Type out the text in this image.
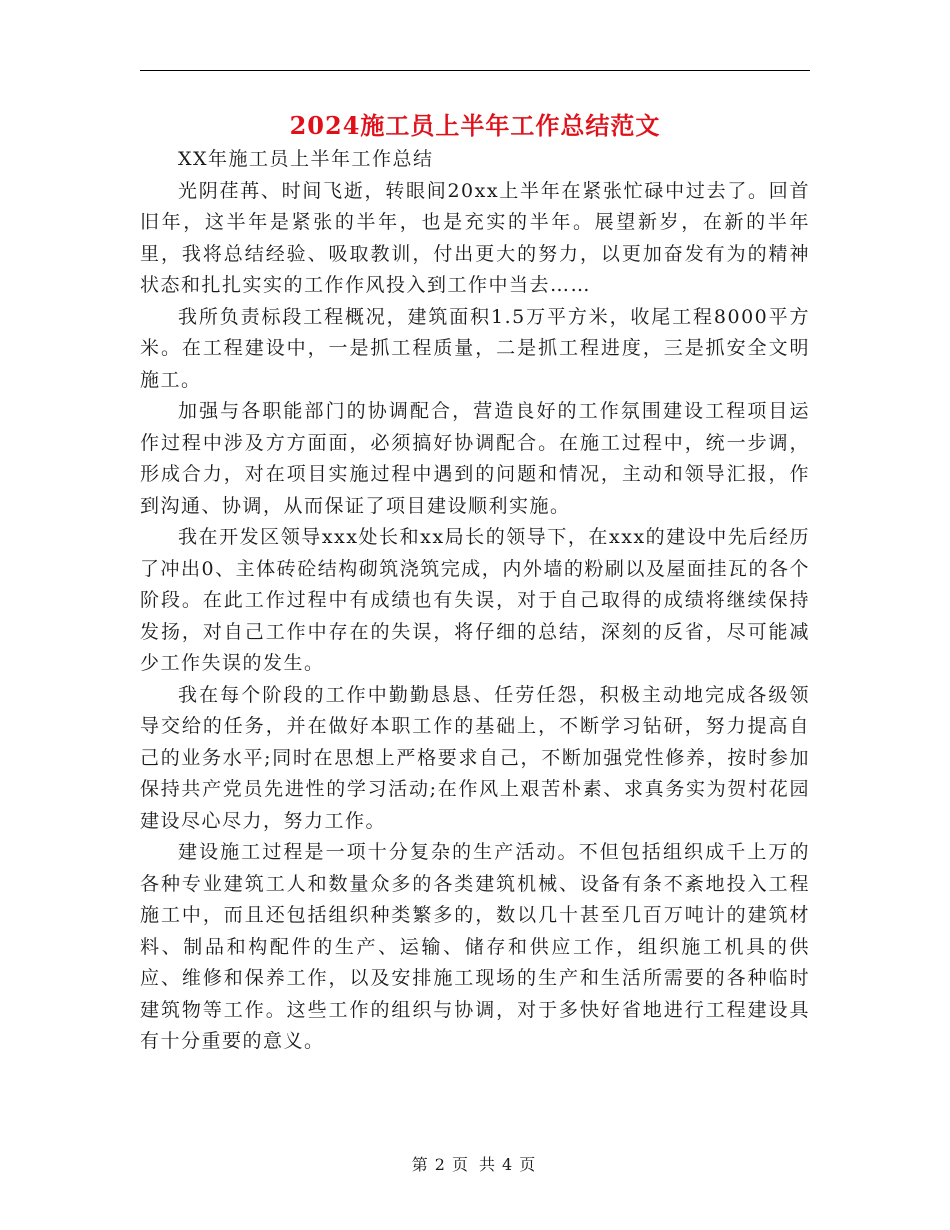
2024施工员上半年工作总结范文

XX年施工员上半年工作总结

光阴荏苒、时间飞逝，转眼间20xx上半年在紧张忙碌中过去了。回首旧年，这半年是紧张的半年，也是充实的半年。展望新岁，在新的半年里，我将总结经验、吸取教训，付出更大的努力，以更加奋发有为的精神状态和扎扎实实的工作作风投入到工作中当去……

我所负责标段工程概况，建筑面积1.5万平方米，收尾工程8000平方米。在工程建设中，一是抓工程质量，二是抓工程进度，三是抓安全文明施工。

加强与各职能部门的协调配合，营造良好的工作氛围建设工程项目运作过程中涉及方方面面，必须搞好协调配合。在施工过程中，统一步调，形成合力，对在项目实施过程中遇到的问题和情况，主动和领导汇报，作到沟通、协调，从而保证了项目建设顺利实施。

我在开发区领导xxx处长和xx局长的领导下，在xxx的建设中先后经历了冲出0、主体砖砼结构砌筑浇筑完成，内外墙的粉刷以及屋面挂瓦的各个阶段。在此工作过程中有成绩也有失误，对于自己取得的成绩将继续保持发扬，对自己工作中存在的失误，将仔细的总结，深刻的反省，尽可能减少工作失误的发生。

我在每个阶段的工作中勤勤恳恳、任劳任怨，积极主动地完成各级领导交给的任务，并在做好本职工作的基础上，不断学习钻研，努力提高自己的业务水平;同时在思想上严格要求自己，不断加强党性修养，按时参加保持共产党员先进性的学习活动;在作风上艰苦朴素、求真务实为贺村花园建设尽心尽力，努力工作。

建设施工过程是一项十分复杂的生产活动。不但包括组织成千上万的各种专业建筑工人和数量众多的各类建筑机械、设备有条不紊地投入工程施工中，而且还包括组织种类繁多的，数以几十甚至几百万吨计的建筑材料、制品和构配件的生产、运输、储存和供应工作，组织施工机具的供应、维修和保养工作，以及安排施工现场的生产和生活所需要的各种临时建筑物等工作。这些工作的组织与协调，对于多快好省地进行工程建设具有十分重要的意义。

第 2 页 共 4 页
